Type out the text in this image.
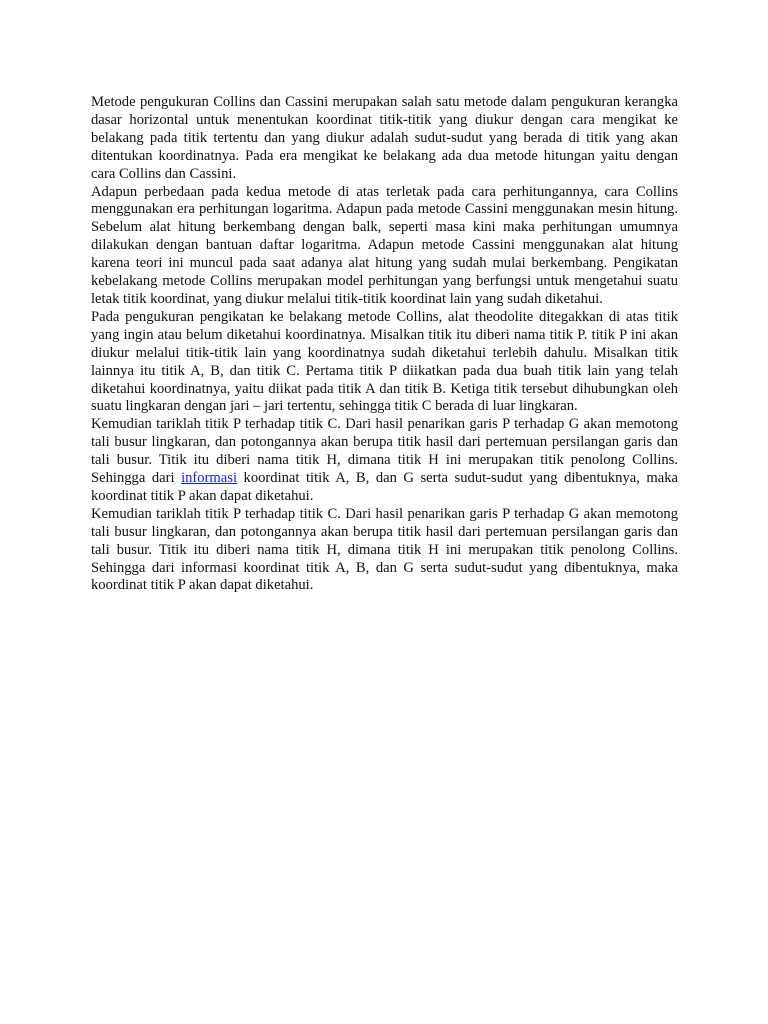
Metode pengukuran Collins dan Cassini merupakan salah satu metode dalam pengukuran kerangka dasar horizontal untuk menentukan koordinat titik-titik yang diukur dengan cara mengikat ke belakang pada titik tertentu dan yang diukur adalah sudut-sudut yang berada di titik yang akan ditentukan koordinatnya. Pada era mengikat ke belakang ada dua metode hitungan yaitu dengan cara Collins dan Cassini.

Adapun perbedaan pada kedua metode di atas terletak pada cara perhitungannya, cara Collins menggunakan era perhitungan logaritma. Adapun pada metode Cassini menggunakan mesin hitung. Sebelum alat hitung berkembang dengan balk, seperti masa kini maka perhitungan umumnya dilakukan dengan bantuan daftar logaritma. Adapun metode Cassini menggunakan alat hitung karena teori ini muncul pada saat adanya alat hitung yang sudah mulai berkembang. Pengikatan kebelakang metode Collins merupakan model perhitungan yang berfungsi untuk mengetahui suatu letak titik koordinat, yang diukur melalui titik-titik koordinat lain yang sudah diketahui.

Pada pengukuran pengikatan ke belakang metode Collins, alat theodolite ditegakkan di atas titik yang ingin atau belum diketahui koordinatnya. Misalkan titik itu diberi nama titik P. titik P ini akan diukur melalui titik-titik lain yang koordinatnya sudah diketahui terlebih dahulu. Misalkan titik lainnya itu titik A, B, dan titik C. Pertama titik P diikatkan pada dua buah titik lain yang telah diketahui koordinatnya, yaitu diikat pada titik A dan titik B. Ketiga titik tersebut dihubungkan oleh suatu lingkaran dengan jari – jari tertentu, sehingga titik C berada di luar lingkaran.

Kemudian tariklah titik P terhadap titik C. Dari hasil penarikan garis P terhadap G akan memotong tali busur lingkaran, dan potongannya akan berupa titik hasil dari pertemuan persilangan garis dan tali busur. Titik itu diberi nama titik H, dimana titik H ini merupakan titik penolong Collins. Sehingga dari informasi koordinat titik A, B, dan G serta sudut-sudut yang dibentuknya, maka koordinat titik P akan dapat diketahui.

Kemudian tariklah titik P terhadap titik C. Dari hasil penarikan garis P terhadap G akan memotong tali busur lingkaran, dan potongannya akan berupa titik hasil dari pertemuan persilangan garis dan tali busur. Titik itu diberi nama titik H, dimana titik H ini merupakan titik penolong Collins. Sehingga dari informasi koordinat titik A, B, dan G serta sudut-sudut yang dibentuknya, maka koordinat titik P akan dapat diketahui.
